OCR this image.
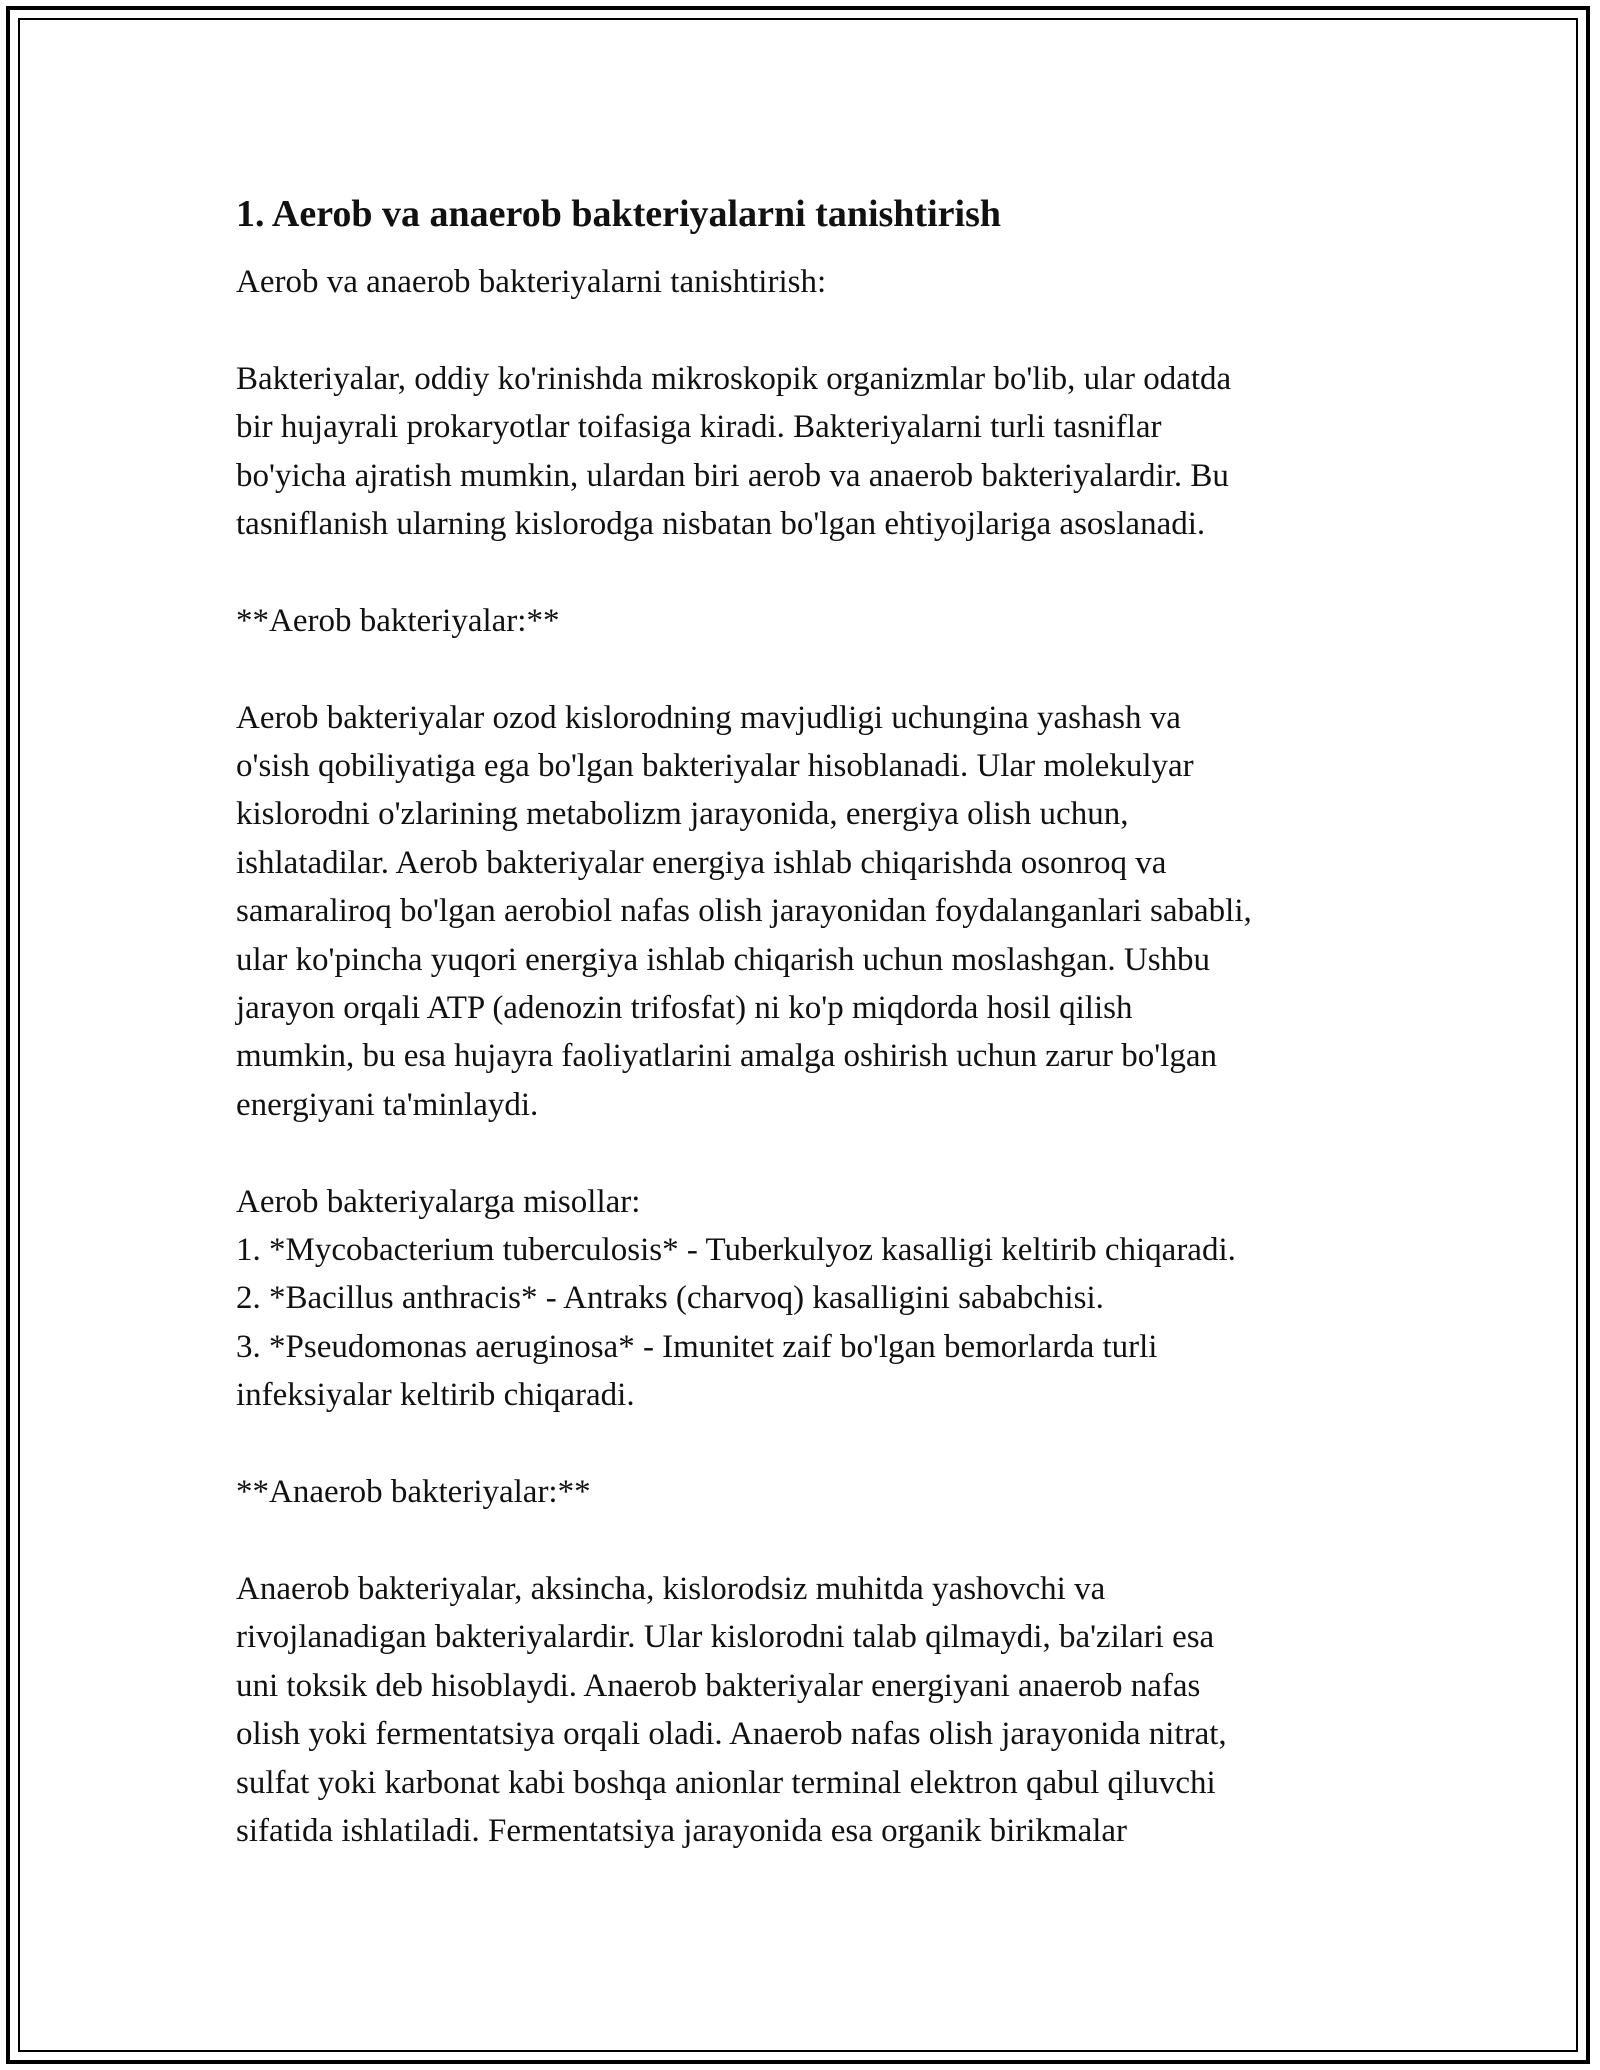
1. Aerob va anaerob bakteriyalarni tanishtirish

Aerob va anaerob bakteriyalarni tanishtirish:

Bakteriyalar, oddiy ko'rinishda mikroskopik organizmlar bo'lib, ular odatda
bir hujayrali prokaryotlar toifasiga kiradi. Bakteriyalarni turli tasniflar
bo'yicha ajratish mumkin, ulardan biri aerob va anaerob bakteriyalardir. Bu
tasniflanish ularning kislorodga nisbatan bo'lgan ehtiyojlariga asoslanadi.

**Aerob bakteriyalar:**

Aerob bakteriyalar ozod kislorodning mavjudligi uchungina yashash va
o'sish qobiliyatiga ega bo'lgan bakteriyalar hisoblanadi. Ular molekulyar
kislorodni o'zlarining metabolizm jarayonida, energiya olish uchun,
ishlatadilar. Aerob bakteriyalar energiya ishlab chiqarishda osonroq va
samaraliroq bo'lgan aerobiol nafas olish jarayonidan foydalanganlari sababli,
ular ko'pincha yuqori energiya ishlab chiqarish uchun moslashgan. Ushbu
jarayon orqali ATP (adenozin trifosfat) ni ko'p miqdorda hosil qilish
mumkin, bu esa hujayra faoliyatlarini amalga oshirish uchun zarur bo'lgan
energiyani ta'minlaydi.
Aerob bakteriyalarga misollar:
1. *Mycobacterium tuberculosis* - Tuberkulyoz kasalligi keltirib chiqaradi.
2. *Bacillus anthracis* - Antraks (charvoq) kasalligini sababchisi.
3. *Pseudomonas aeruginosa* - Imunitet zaif bo'lgan bemorlarda turli
infeksiyalar keltirib chiqaradi.

**Anaerob bakteriyalar:**

Anaerob bakteriyalar, aksincha, kislorodsiz muhitda yashovchi va
rivojlanadigan bakteriyalardir. Ular kislorodni talab qilmaydi, ba'zilari esa
uni toksik deb hisoblaydi. Anaerob bakteriyalar energiyani anaerob nafas
olish yoki fermentatsiya orqali oladi. Anaerob nafas olish jarayonida nitrat,
sulfat yoki karbonat kabi boshqa anionlar terminal elektron qabul qiluvchi
sifatida ishlatiladi. Fermentatsiya jarayonida esa organik birikmalar
